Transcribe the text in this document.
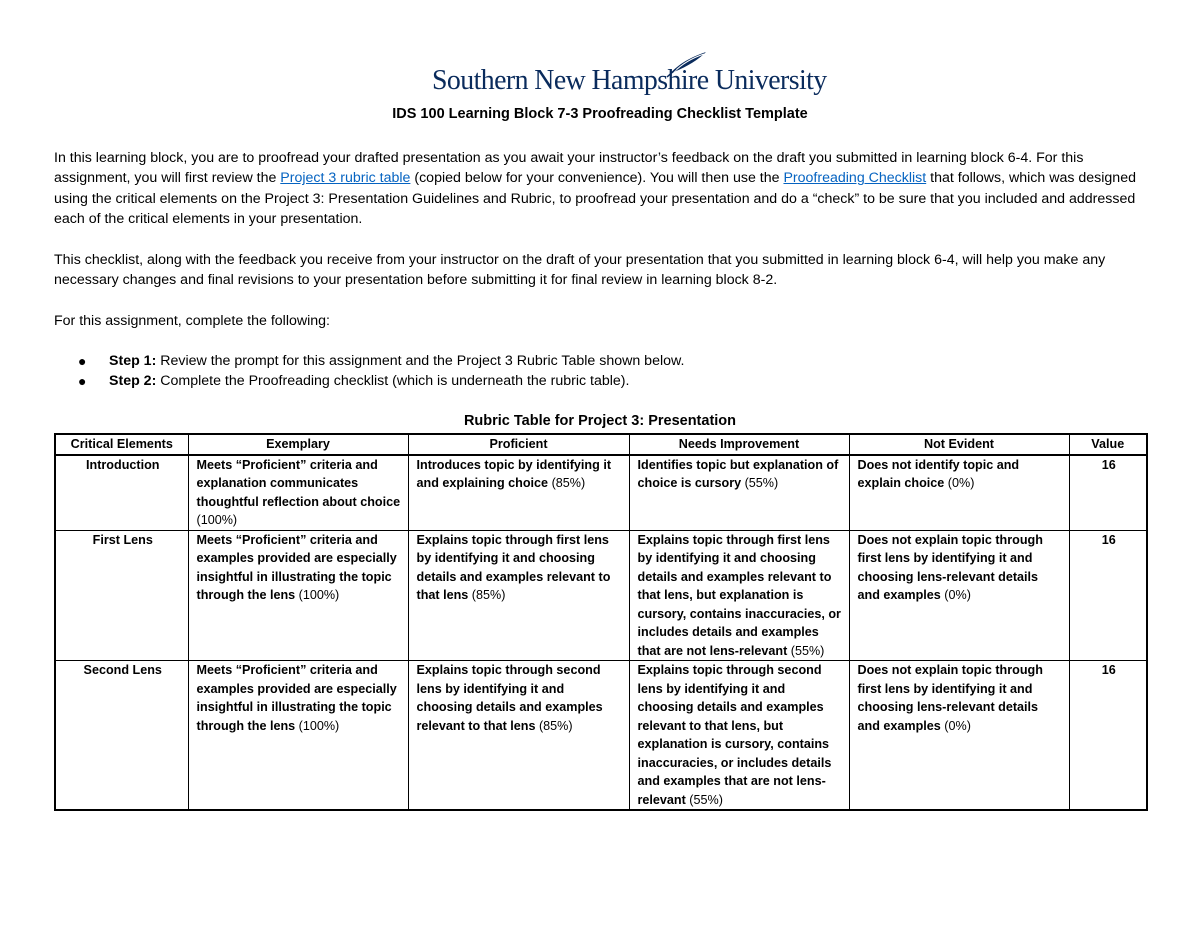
Southern New Hampshire University
IDS 100 Learning Block 7-3 Proofreading Checklist Template
In this learning block, you are to proofread your drafted presentation as you await your instructor’s feedback on the draft you submitted in learning block 6-4. For this assignment, you will first review the Project 3 rubric table (copied below for your convenience). You will then use the Proofreading Checklist that follows, which was designed using the critical elements on the Project 3: Presentation Guidelines and Rubric, to proofread your presentation and do a “check” to be sure that you included and addressed each of the critical elements in your presentation.
This checklist, along with the feedback you receive from your instructor on the draft of your presentation that you submitted in learning block 6-4, will help you make any necessary changes and final revisions to your presentation before submitting it for final review in learning block 8-2.
For this assignment, complete the following:
● Step 1: Review the prompt for this assignment and the Project 3 Rubric Table shown below.
● Step 2: Complete the Proofreading checklist (which is underneath the rubric table).
Rubric Table for Project 3: Presentation
Critical Elements	Exemplary	Proficient	Needs Improvement	Not Evident	Value
Introduction	Meets “Proficient” criteria and explanation communicates thoughtful reflection about choice (100%)	Introduces topic by identifying it and explaining choice (85%)	Identifies topic but explanation of choice is cursory (55%)	Does not identify topic and explain choice (0%)	16
First Lens	Meets “Proficient” criteria and examples provided are especially insightful in illustrating the topic through the lens (100%)	Explains topic through first lens by identifying it and choosing details and examples relevant to that lens (85%)	Explains topic through first lens by identifying it and choosing details and examples relevant to that lens, but explanation is cursory, contains inaccuracies, or includes details and examples that are not lens-relevant (55%)	Does not explain topic through first lens by identifying it and choosing lens-relevant details and examples (0%)	16
Second Lens	Meets “Proficient” criteria and examples provided are especially insightful in illustrating the topic through the lens (100%)	Explains topic through second lens by identifying it and choosing details and examples relevant to that lens (85%)	Explains topic through second lens by identifying it and choosing details and examples relevant to that lens, but explanation is cursory, contains inaccuracies, or includes details and examples that are not lens-relevant (55%)	Does not explain topic through first lens by identifying it and choosing lens-relevant details and examples (0%)	16
